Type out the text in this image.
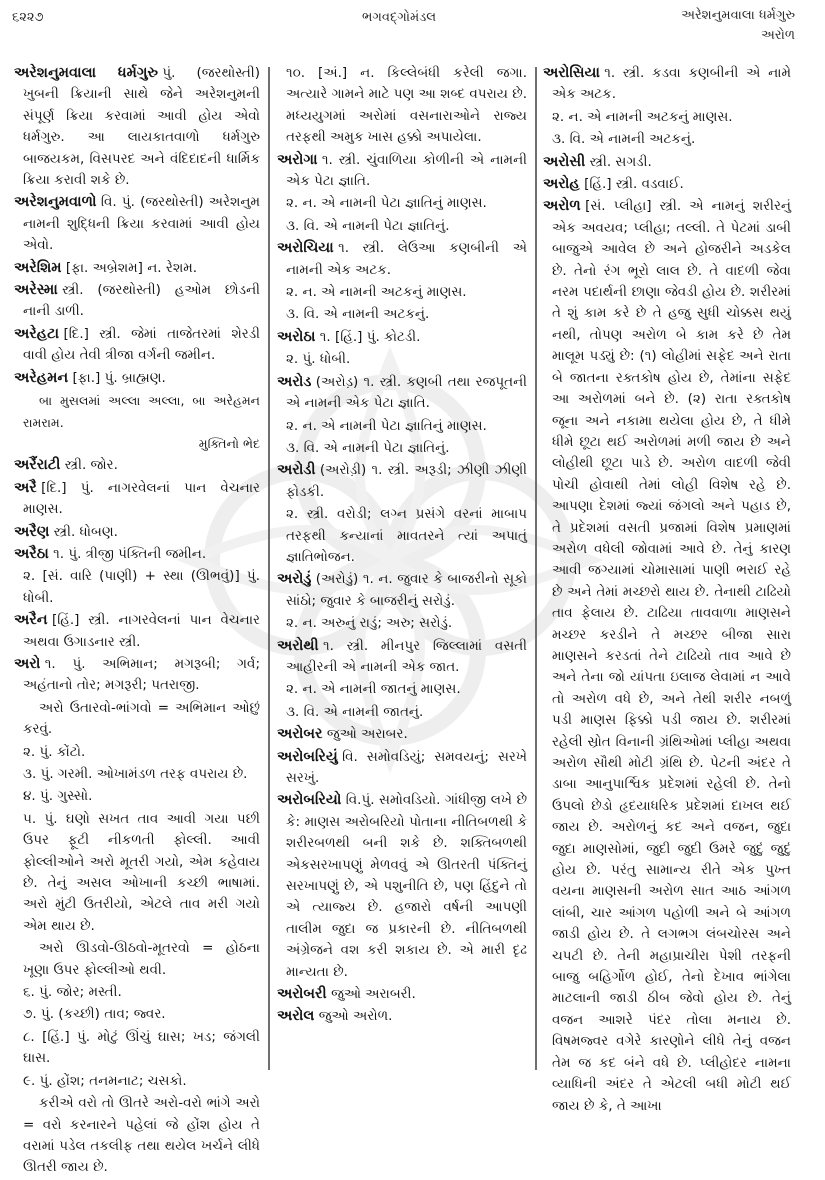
૬૨૨૭	ભગવદ્ગોમંડલ	અરેશનુમવાલા ધર્મગુરુ
અરોળ

અરેશનુમવાલા ધર્મગુરુ પું. (જરથોસ્તી) ખુબની ક્રિયાની સાથે જેને અરેશનુમની સંપૂર્ણ ક્રિયા કરવામાં આવી હોય એવો ધર્મગુરુ. આ લાયકાતવાળો ધર્મગુરુ બાજયકમ, વિસપરદ અને વંદિદાદની ધાર્મિક ક્રિયા કરાવી શકે છે.

અરેશનુમવાળો વિ. પું. (જરથોસ્તી) અરેશનુમ નામની શુદ્ધિની ક્રિયા કરવામાં આવી હોય એવો.

અરેશિમ [ફા. અબ્રેશમ] ન. રેશમ.

અરેસ્મા સ્ત્રી. (જરથોસ્તી) હઓમ છોડની નાની ડાળી.

અરેહટા [દિ.] સ્ત્રી. જેમાં તાજેતરમાં શેરડી વાવી હોય તેવી ત્રીજા વર્ગની જમીન.

અરેહમન [ફા.] પું. બ્રાહ્મણ.

બા મુસલમાં અલ્લા અલ્લા, બા અરેહમન રામરામ.
મુક્તિનો ભેદ

અરૈંરાટી સ્ત્રી. જોર.

અરૈ [દિ.] પું. નાગરવેલનાં પાન વેચનાર માણસ.

અરૈણ સ્ત્રી. ધોબણ.

અરૈઠા ૧. પું. ત્રીજી પંક્તિની જમીન.

૨. [સં. વારિ (પાણી) + સ્થા (ઊભવું)] પું. ધોબી.

અરૈન [હિં.] સ્ત્રી. નાગરવેલનાં પાન વેચનાર અથવા ઉગાડનાર સ્ત્રી.

અરો ૧. પું. અભિમાન; મગરૂબી; ગર્વ; અહંતાનો તોર; મગરૂરી; પતરાજી.

અરો ઉતારવો-ભાંગવો = અભિમાન ઓછું કરવું.

૨. પું. કોંટો.

૩. પું. ગરમી. ઓખામંડળ તરફ વપરાય છે.

૪. પું. ગુસ્સો.

૫. પું. ઘણો સખત તાવ આવી ગયા પછી ઉપર ફૂટી નીકળતી ફોલ્લી. આવી ફોલ્લીઓને અરો મૂતરી ગયો, એમ કહેવાય છે. તેનું અસલ ઓખાની કચ્છી ભાષામાં. અરો મુંટી ઉતરીયો, એટલે તાવ મરી ગયો એમ થાય છે.

અરો ઊડવો-ઊઠવો-મૂતરવો = હોઠના ખૂણા ઉપર ફોલ્લીઓ થવી.

૬. પું. જોર; મસ્તી.

૭. પું. (કચ્છી) તાવ; જ્વર.

૮. [હિં.] પું. મોટું ઊંચું ઘાસ; ખડ; જંગલી ઘાસ.

૯. પું. હોંશ; તનમનાટ; ચસકો.

કરીએ વરો તો ઊતરે અરો-વરો ભાંગે અરો = વરો કરનારને પહેલાં જે હોંશ હોય તે વરામાં પડેલ તકલીફ તથા થયેલ ખર્ચને લીધે ઊતરી જાય છે.

૧૦. [અં.] ન. કિલ્લેબંધી કરેલી જગા. અત્યારે ગામને માટે પણ આ શબ્દ વપરાય છે. મધ્યયુગમાં અરોમાં વસનારાઓને રાજ્ય તરફથી અમુક ખાસ હક્કો અપાયેલા.

અરોગા ૧. સ્ત્રી. ચુંવાળિયા કોળીની એ નામની એક પેટા જ્ઞાતિ.

૨. ન. એ નામની પેટા જ્ઞાતિનું માણસ.

૩. વિ. એ નામની પેટા જ્ઞાતિનું.

અરોચિયા ૧. સ્ત્રી. લેઉઆ કણબીની એ નામની એક અટક.

૨. ન. એ નામની અટકનું માણસ.

૩. વિ. એ નામની અટકનું.

અરોઠા ૧. [હિં.] પું. કોટડી.

૨. પું. ધોબી.

અરોડ (અરોડ઼) ૧. સ્ત્રી. કણબી તથા રજપૂતની એ નામની એક પેટા જ્ઞાતિ.

૨. ન. એ નામની પેટા જ્ઞાતિનું માણસ.

૩. વિ. એ નામની પેટા જ્ઞાતિનું.

અરોડી (અરોડ઼ી) ૧. સ્ત્રી. અરૂડી; ઝીણી ઝીણી ફોડકી.

૨. સ્ત્રી. વરોડી; લગ્ન પ્રસંગે વરનાં માબાપ તરફથી કન્યાનાં માવતરને ત્યાં અપાતું જ્ઞાતિભોજન.

અરોડું (અરોડ઼ું) ૧. ન. જુવાર કે બાજરીનો સૂકો સાંઠો; જુવાર કે બાજરીનું સરોડું.

૨. ન. અરુનું રાડું; અરુ; સરોડું.

અરોથી ૧. સ્ત્રી. મીનપુર જિલ્લામાં વસતી આહીરની એ નામની એક જાત.

૨. ન. એ નામની જાતનું માણસ.

૩. વિ. એ નામની જાતનું.

અરોબર જુઓ અરાબર.

અરોબરિયું વિ. સમોવડિયું; સમવયનું; સરખે સરખું.

અરોબરિયો વિ.પું. સમોવડિયો. ગાંધીજી લખે છે કે: માણસ અરોબરિયો પોતાના નીતિબળથી કે શરીરબળથી બની શકે છે. શક્તિબળથી એકસરખાપણું મેળવવું એ ઊતરતી પંક્તિનું સરખાપણું છે, એ પશુનીતિ છે, પણ હિંદુને તો એ ત્યાજ્ય છે. હજારો વર્ષની આપણી તાલીમ જુદા જ પ્રકારની છે. નીતિબળથી અંગ્રેજને વશ કરી શકાય છે. એ મારી દૃઢ માન્યતા છે.

અરોબરી જુઓ અરાબરી.

અરોલ જુઓ અરોળ.

અરોસિયા ૧. સ્ત્રી. કડવા કણબીની એ નામે એક અટક.

૨. ન. એ નામની અટકનું માણસ.

૩. વિ. એ નામની અટકનું.

અરોસી સ્ત્રી. સગડી.

અરોહ [હિં.] સ્ત્રી. વડવાઈ.

અરોળ [સં. પ્લીહા] સ્ત્રી. એ નામનું શરીરનું એક અવયવ; પ્લીહા; તલ્લી. તે પેટમાં ડાબી બાજુએ આવેલ છે અને હોજરીને અડકેલ છે. તેનો રંગ ભૂરો લાલ છે. તે વાદળી જેવા નરમ પદાર્થની છાણા જેવડી હોય છે. શરીરમાં તે શું કામ કરે છે તે હજુ સુધી ચોક્કસ થયું નથી, તોપણ અરોળ બે કામ કરે છે તેમ માલૂમ પડ્યું છે: (૧) લોહીમાં સફેદ અને રાતા બે જાતના રક્તકોષ હોય છે, તેમાંના સફેદ આ અરોળમાં બને છે. (૨) રાતા રક્તકોષ જૂના અને નકામા થયેલા હોય છે, તે ધીમે ધીમે છૂટા થઈ અરોળમાં મળી જાય છે અને લોહીથી છૂટા પાડે છે. અરોળ વાદળી જેવી પોચી હોવાથી તેમાં લોહી વિશેષ રહે છે. આપણા દેશમાં જ્યાં જંગલો અને પહાડ છે, તે પ્રદેશમાં વસતી પ્રજામાં વિશેષ પ્રમાણમાં અરોળ વધેલી જોવામાં આવે છે. તેનું કારણ આવી જગ્યામાં ચોમાસામાં પાણી ભરાઈ રહે છે અને તેમાં મચ્છરો થાય છે. તેનાથી ટાઢિયો તાવ ફેલાય છે. ટાઢિયા તાવવાળા માણસને મચ્છર કરડીને તે મચ્છર બીજા સારા માણસને કરડતાં તેને ટાઢિયો તાવ આવે છે અને તેના જો યાંપતા ઇલાજ લેવામાં ન આવે તો અરોળ વધે છે, અને તેથી શરીર નબળું પડી માણસ ફિક્કો પડી જાય છે. શરીરમાં રહેલી સ્રોત વિનાની ગ્રંથિઓમાં પ્લીહા અથવા અરોળ સૌથી મોટી ગ્રંથિ છે. પેટની અંદર તે ડાબા આનુપાર્શ્વિક પ્રદેશમાં રહેલી છે. તેનો ઉપલો છેડો હૃદયાધરિક પ્રદેશમાં દાખલ થઈ જાય છે. અરોળનું કદ અને વજન, જુદા જુદા માણસોમાં, જુદી જુદી ઉમરે જુદું જુદું હોય છે. પરંતુ સામાન્ય રીતે એક પુખ્ત વયના માણસની અરોળ સાત આઠ આંગળ લાંબી, ચાર આંગળ પહોળી અને બે આંગળ જાડી હોય છે. તે લગભગ લંબચોરસ અને ચપટી છે. તેની મહાપ્રાચીરા પેશી તરફની બાજુ બહિર્ગોળ હોઈ, તેનો દેખાવ ભાંગેલા માટલાની જાડી ઠીબ જેવો હોય છે. તેનું વજન આશરે પંદર તોલા મનાય છે. વિષમજ્વર વગેરે કારણોને લીધે તેનું વજન તેમ જ કદ બંને વધે છે. પ્લીહોદર નામના વ્યાધિની અંદર તે એટલી બધી મોટી થઈ જાય છે કે, તે આખા
